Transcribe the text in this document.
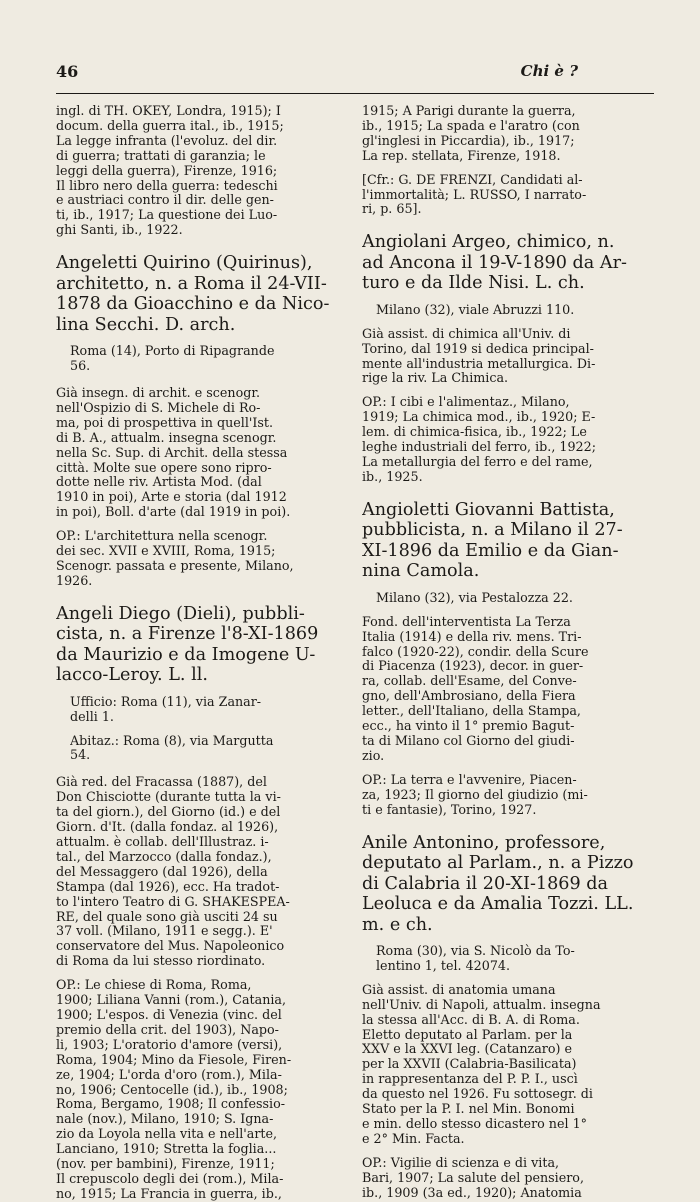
46	Chi è ?
ingl. di TH. OKEY, Londra, 1915); I
docum. della guerra ital., ib., 1915;
La legge infranta (l'evoluz. del dir.
di guerra; trattati di garanzia; le
leggi della guerra), Firenze, 1916;
Il libro nero della guerra: tedeschi
e austriaci contro il dir. delle gen-
ti, ib., 1917; La questione dei Luo-
ghi Santi, ib., 1922.
Angeletti Quirino (Quirinus),
architetto, n. a Roma il 24-VII-
1878 da Gioacchino e da Nico-
lina Secchi. D. arch.
Roma (14), Porto di Ripagrande
56.
Già insegn. di archit. e scenogr.
nell'Ospizio di S. Michele di Ro-
ma, poi di prospettiva in quell'Ist.
di B. A., attualm. insegna scenogr.
nella Sc. Sup. di Archit. della stessa
città. Molte sue opere sono ripro-
dotte nelle riv. Artista Mod. (dal
1910 in poi), Arte e storia (dal 1912
in poi), Boll. d'arte (dal 1919 in poi).
OP.: L'architettura nella scenogr.
dei sec. XVII e XVIII, Roma, 1915;
Scenogr. passata e presente, Milano,
1926.
Angeli Diego (Dieli), pubbli-
cista, n. a Firenze l'8-XI-1869
da Maurizio e da Imogene U-
lacco-Leroy. L. ll.
Ufficio: Roma (11), via Zanar-
delli 1.
Abitaz.: Roma (8), via Margutta
54.
Già red. del Fracassa (1887), del
Don Chisciotte (durante tutta la vi-
ta del giorn.), del Giorno (id.) e del
Giorn. d'It. (dalla fondaz. al 1926),
attualm. è collab. dell'Illustraz. i-
tal., del Marzocco (dalla fondaz.),
del Messaggero (dal 1926), della
Stampa (dal 1926), ecc. Ha tradot-
to l'intero Teatro di G. SHAKESPEA-
RE, del quale sono già usciti 24 su
37 voll. (Milano, 1911 e segg.). E'
conservatore del Mus. Napoleonico
di Roma da lui stesso riordinato.
OP.: Le chiese di Roma, Roma,
1900; Liliana Vanni (rom.), Catania,
1900; L'espos. di Venezia (vinc. del
premio della crit. del 1903), Napo-
li, 1903; L'oratorio d'amore (versi),
Roma, 1904; Mino da Fiesole, Firen-
ze, 1904; L'orda d'oro (rom.), Mila-
no, 1906; Centocelle (id.), ib., 1908;
Roma, Bergamo, 1908; Il confessio-
nale (nov.), Milano, 1910; S. Igna-
zio da Loyola nella vita e nell'arte,
Lanciano, 1910; Stretta la foglia...
(nov. per bambini), Firenze, 1911;
Il crepuscolo degli dei (rom.), Mila-
no, 1915; La Francia in guerra, ib.,
1915; A Parigi durante la guerra,
ib., 1915; La spada e l'aratro (con
gl'inglesi in Piccardia), ib., 1917;
La rep. stellata, Firenze, 1918.
[Cfr.: G. DE FRENZI, Candidati al-
l'immortalità; L. RUSSO, I narrato-
ri, p. 65].
Angiolani Argeo, chimico, n.
ad Ancona il 19-V-1890 da Ar-
turo e da Ilde Nisi. L. ch.
Milano (32), viale Abruzzi 110.
Già assist. di chimica all'Univ. di
Torino, dal 1919 si dedica principal-
mente all'industria metallurgica. Di-
rige la riv. La Chimica.
OP.: I cibi e l'alimentaz., Milano,
1919; La chimica mod., ib., 1920; E-
lem. di chimica-fisica, ib., 1922; Le
leghe industriali del ferro, ib., 1922;
La metallurgia del ferro e del rame,
ib., 1925.
Angioletti Giovanni Battista,
pubblicista, n. a Milano il 27-
XI-1896 da Emilio e da Gian-
nina Camola.
Milano (32), via Pestalozza 22.
Fond. dell'interventista La Terza
Italia (1914) e della riv. mens. Tri-
falco (1920-22), condir. della Scure
di Piacenza (1923), decor. in guer-
ra, collab. dell'Esame, del Conve-
gno, dell'Ambrosiano, della Fiera
letter., dell'Italiano, della Stampa,
ecc., ha vinto il 1° premio Bagut-
ta di Milano col Giorno del giudi-
zio.
OP.: La terra e l'avvenire, Piacen-
za, 1923; Il giorno del giudizio (mi-
ti e fantasie), Torino, 1927.
Anile Antonino, professore,
deputato al Parlam., n. a Pizzo
di Calabria il 20-XI-1869 da
Leoluca e da Amalia Tozzi. LL.
m. e ch.
Roma (30), via S. Nicolò da To-
lentino 1, tel. 42074.
Già assist. di anatomia umana
nell'Univ. di Napoli, attualm. insegna
la stessa all'Acc. di B. A. di Roma.
Eletto deputato al Parlam. per la
XXV e la XXVI leg. (Catanzaro) e
per la XXVII (Calabria-Basilicata)
in rappresentanza del P. P. I., uscì
da questo nel 1926. Fu sottosegr. di
Stato per la P. I. nel Min. Bonomi
e min. dello stesso dicastero nel 1°
e 2° Min. Facta.
OP.: Vigilie di scienza e di vita,
Bari, 1907; La salute del pensiero,
ib., 1909 (3a ed., 1920); Anatomia
